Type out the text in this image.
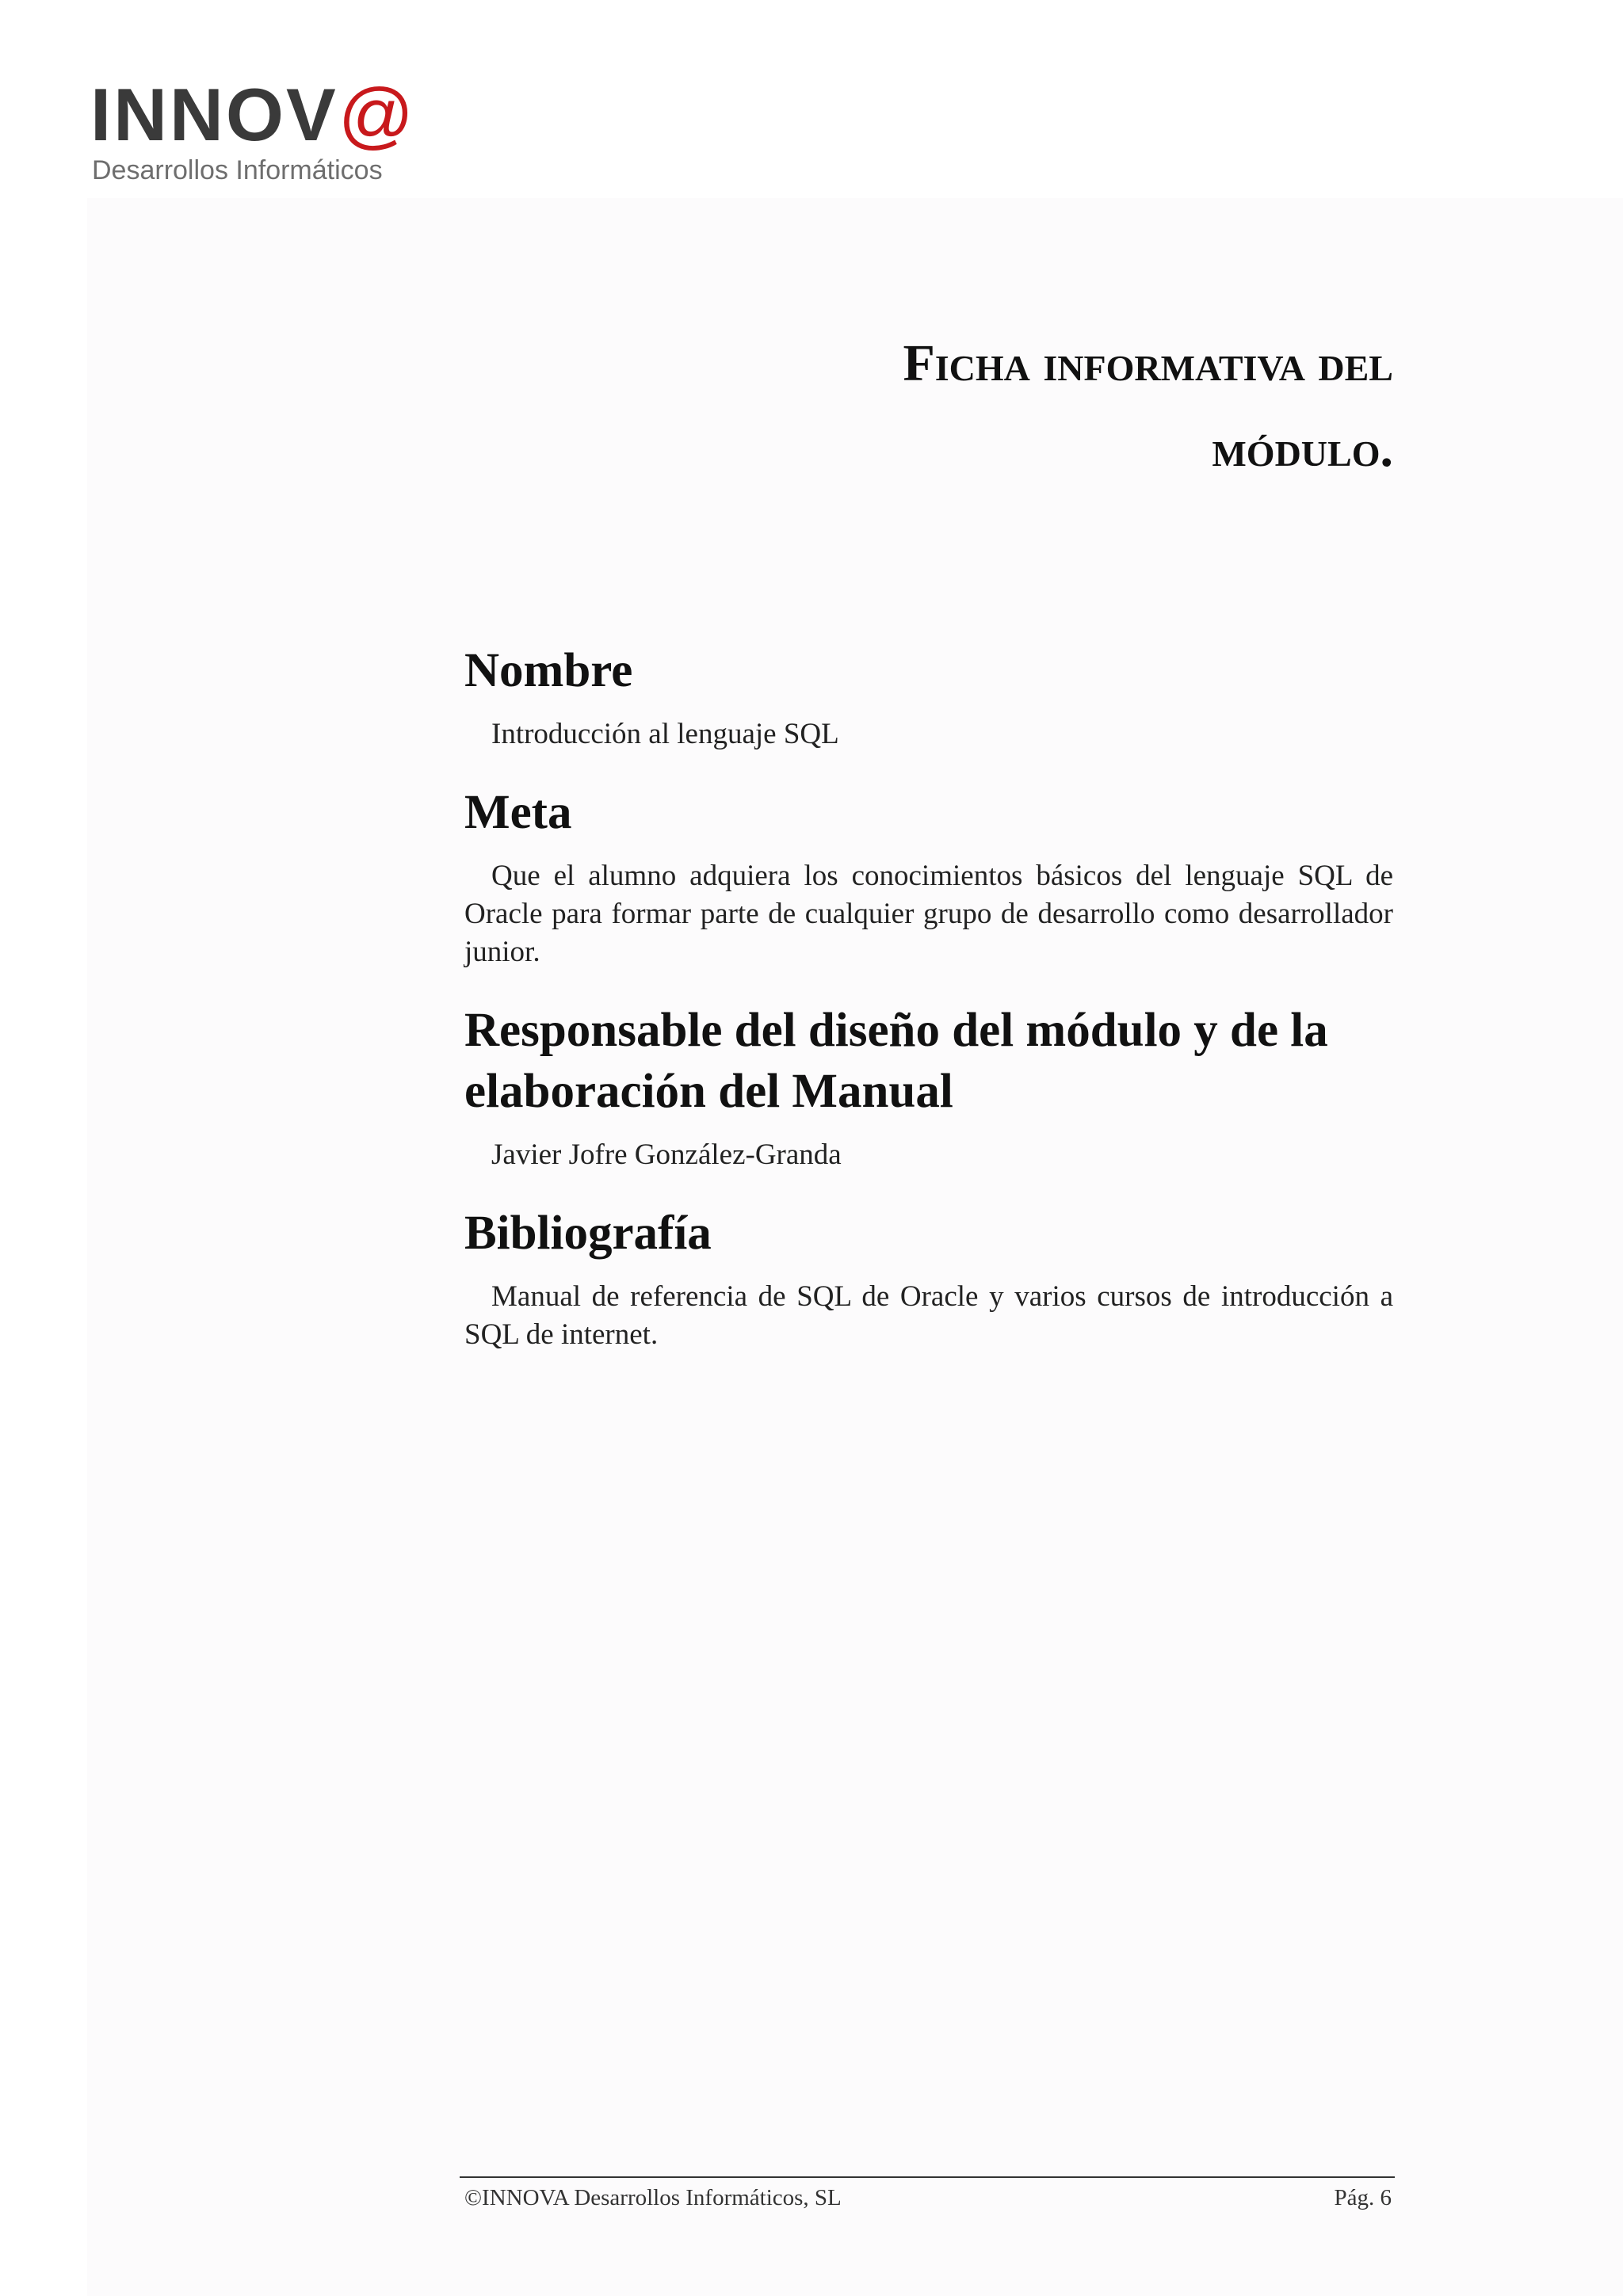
INNOV@
Desarrollos Informáticos
Ficha informativa del
módulo.
Nombre

Introducción al lenguaje SQL

Meta

Que el alumno adquiera los conocimientos básicos del lenguaje SQL de Oracle para formar parte de cualquier grupo de desarrollo como desarrollador junior.

Responsable del diseño del módulo y de la elaboración del Manual

Javier Jofre González-Granda

Bibliografía

Manual de referencia de SQL de Oracle y varios cursos de introducción a SQL de internet.

©INNOVA Desarrollos Informáticos, SL	Pág. 6
